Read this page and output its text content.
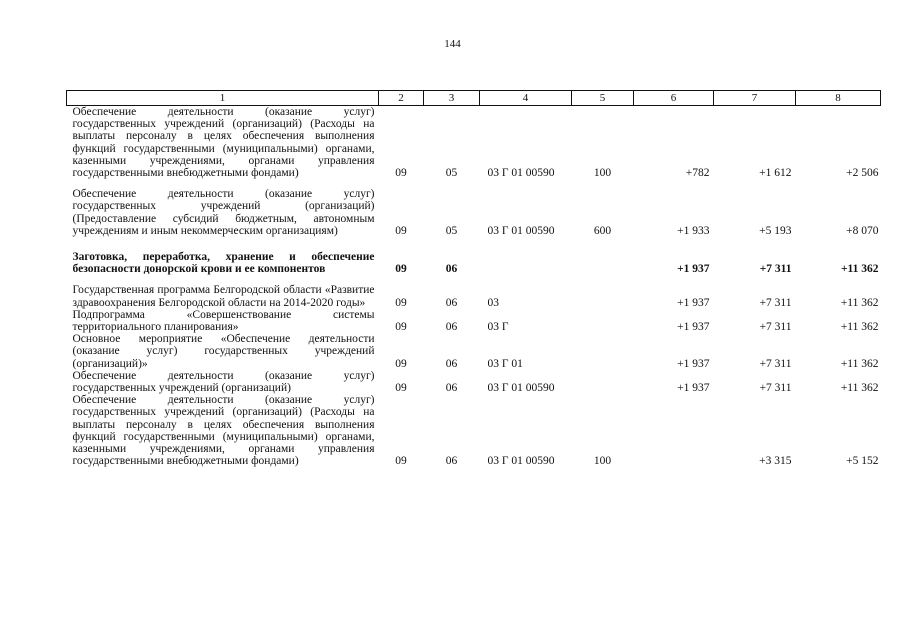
144
1	2	3	4	5	6	7	8
Обеспечение деятельности (оказание услуг) государственных учреждений (организаций) (Расходы на выплаты персоналу в целях обеспечения выполнения функций государственными (муниципальными) органами, казенными учреждениями, органами управления государственными внебюджетными фондами)	09	05	03 Г 01 00590	100	+782	+1 612	+2 506
Обеспечение деятельности (оказание услуг) государственных учреждений (организаций) (Предоставление субсидий бюджетным, автономным учреждениям и иным некоммерческим организациям)	09	05	03 Г 01 00590	600	+1 933	+5 193	+8 070
Заготовка, переработка, хранение и обеспечение безопасности донорской крови и ее компонентов	09	06			+1 937	+7 311	+11 362
Государственная программа Белгородской области «Развитие здравоохранения Белгородской области на 2014-2020 годы»	09	06	03		+1 937	+7 311	+11 362
Подпрограмма «Совершенствование системы территориального планирования»	09	06	03 Г		+1 937	+7 311	+11 362
Основное мероприятие «Обеспечение деятельности (оказание услуг) государственных учреждений (организаций)»	09	06	03 Г 01		+1 937	+7 311	+11 362
Обеспечение деятельности (оказание услуг) государственных учреждений (организаций)	09	06	03 Г 01 00590		+1 937	+7 311	+11 362
Обеспечение деятельности (оказание услуг) государственных учреждений (организаций) (Расходы на выплаты персоналу в целях обеспечения выполнения функций государственными (муниципальными) органами, казенными учреждениями, органами управления государственными внебюджетными фондами)	09	06	03 Г 01 00590	100		+3 315	+5 152
